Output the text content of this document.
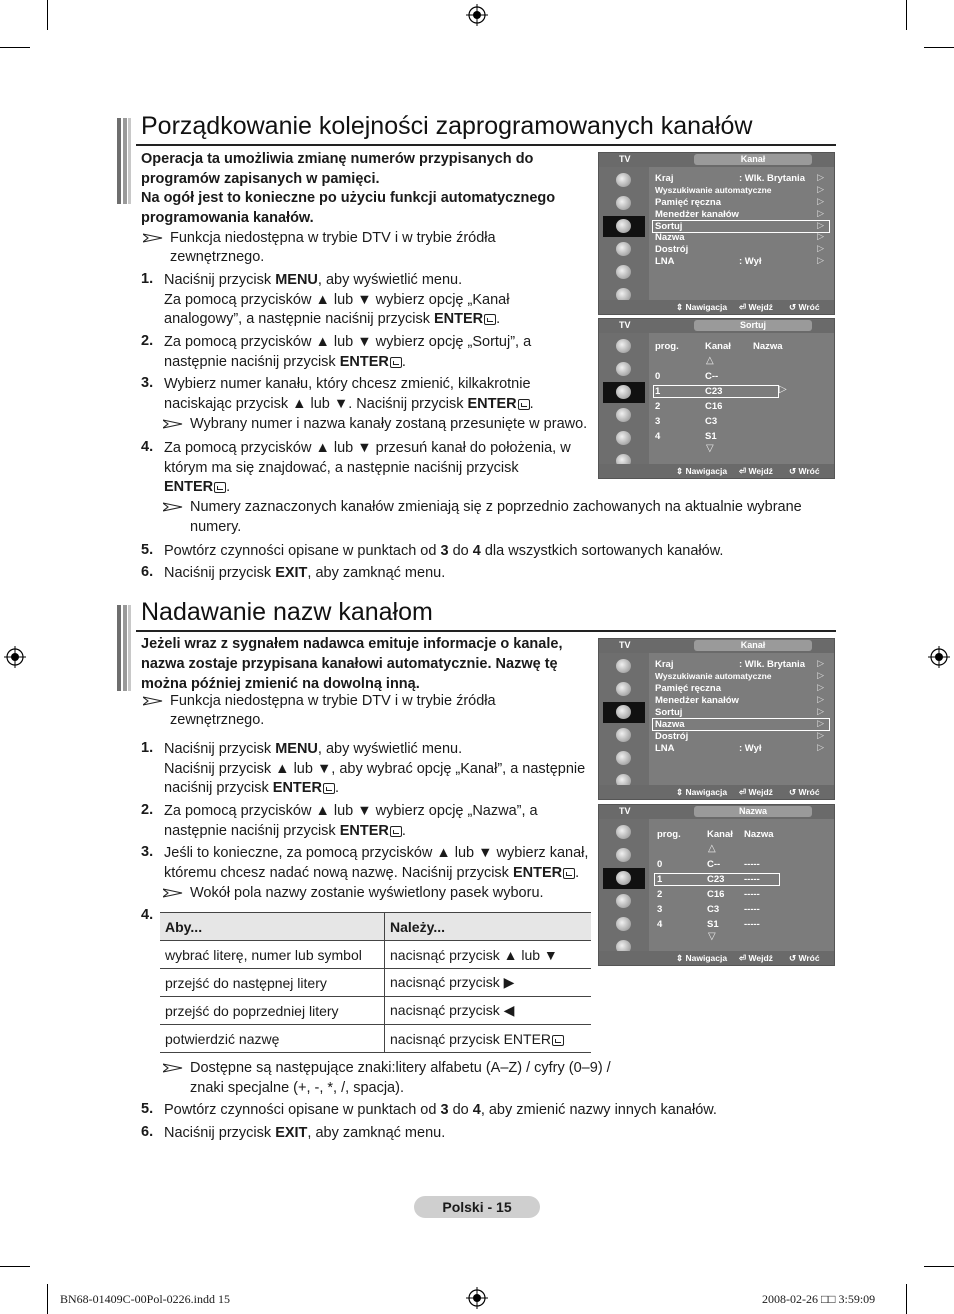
Porządkowanie kolejności zaprogramowanych kanałów
Operacja ta umożliwia zmianę numerów przypisanych do
programów zapisanych w pamięci.
Na ogół jest to konieczne po użyciu funkcji automatycznego
programowania kanałów.
Funkcja niedostępna w trybie DTV i w trybie źródła
zewnętrznego.
1. Naciśnij przycisk MENU, aby wyświetlić menu.
Za pomocą przycisków ▲ lub ▼ wybierz opcję „Kanał
analogowy”, a następnie naciśnij przycisk ENTER .
2. Za pomocą przycisków ▲ lub ▼ wybierz opcję „Sortuj”, a
następnie naciśnij przycisk ENTER .
3. Wybierz numer kanału, który chcesz zmienić, kilkakrotnie
naciskając przycisk ▲ lub ▼. Naciśnij przycisk ENTER .
4. Za pomocą przycisków ▲ lub ▼ przesuń kanał do położenia, w
którym ma się znajdować, a następnie naciśnij przycisk
ENTER .
5. Powtórz czynności opisane w punktach od 3 do 4 dla wszystkich sortowanych kanałów.
6. Naciśnij przycisk EXIT, aby zamknąć menu.
Wybrany numer i nazwa kanały zostaną przesunięte w prawo.
Numery zaznaczonych kanałów zmieniają się z poprzednio zachowanych na aktualnie wybrane
numery.
Nadawanie nazw kanałom
Jeżeli wraz z sygnałem nadawca emituje informacje o kanale,
nazwa zostaje przypisana kanałowi automatycznie. Nazwę tę
można później zmienić na dowolną inną.
Funkcja niedostępna w trybie DTV i w trybie źródła
zewnętrznego.
1. Naciśnij przycisk MENU, aby wyświetlić menu.
Naciśnij przycisk ▲ lub ▼, aby wybrać opcję „Kanał”, a następnie
naciśnij przycisk ENTER .
2. Za pomocą przycisków ▲ lub ▼ wybierz opcję „Nazwa”, a
następnie naciśnij przycisk ENTER .
3. Jeśli to konieczne, za pomocą przycisków ▲ lub ▼ wybierz kanał,
któremu chcesz nadać nową nazwę. Naciśnij przycisk ENTER .
4.
5. Powtórz czynności opisane w punktach od 3 do 4, aby zmienić nazwy innych kanałów.
6. Naciśnij przycisk EXIT, aby zamknąć menu.
Wokół pola nazwy zostanie wyświetlony pasek wyboru.
Aby...	Należy...
wybrać literę, numer lub symbol	nacisnąć przycisk ▲ lub ▼
przejść do następnej litery	nacisnąć przycisk ▶
przejść do poprzedniej litery	nacisnąć przycisk ◀
potwierdzić nazwę	nacisnąć przycisk ENTER
Dostępne są następujące znaki:litery alfabetu (A–Z) / cyfry (0–9) /
znaki specjalne (+, -, *, /, spacja).
TV	Kanał
Kraj	: Wlk. Brytania ▷
Wyszukiwanie automatyczne	▷
Pamięć ręczna	▷
Menedżer kanałów	▷
Sortuj	▷
Nazwa	▷
Dostrój	▷
LNA	: Wył	▷
⇕ Nawigacja ⏎ Wejdź ↺ Wróć
TV	Sortuj
prog.	Kanał Nazwa
△
0	C--
1	C23	▷
2	C16
3	C3
4	S1
▽
⇕ Nawigacja ⏎ Wejdź ↺ Wróć
TV	Kanał
Kraj	: Wlk. Brytania ▷
Wyszukiwanie automatyczne	▷
Pamięć ręczna	▷
Menedżer kanałów	▷
Sortuj	▷
Nazwa	▷
Dostrój	▷
LNA	: Wył	▷
⇕ Nawigacja ⏎ Wejdź ↺ Wróć
TV	Nazwa
prog.	Kanał Nazwa
△
0	C--	-----
1	C23 -----
2	C16 -----
3	C3	-----
4	S1	-----
▽
⇕ Nawigacja ⏎ Wejdź ↺ Wróć
Polski - 15
BN68-01409C-00Pol-0226.indd 15	2008-02-26 □□ 3:59:09
